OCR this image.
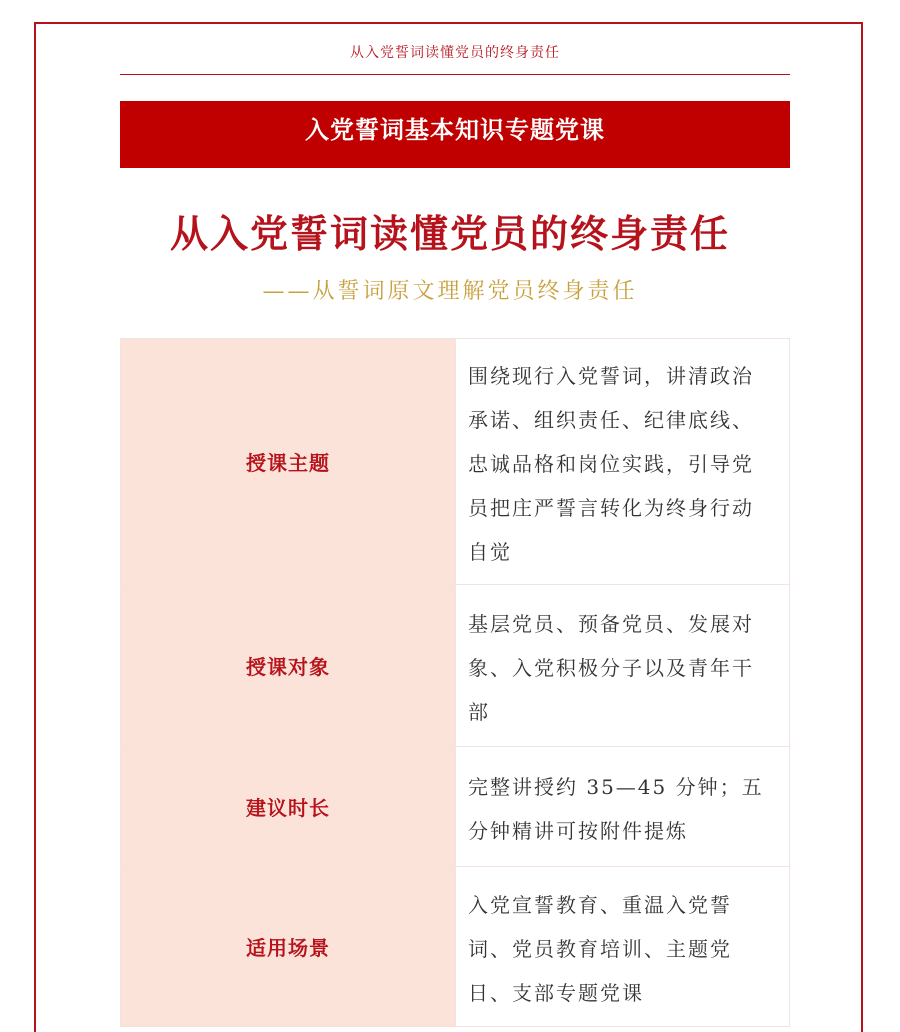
从入党誓词读懂党员的终身责任
入党誓词基本知识专题党课
从入党誓词读懂党员的终身责任
——从誓词原文理解党员终身责任
授课主题	围绕现行入党誓词，讲清政治承诺、组织责任、纪律底线、忠诚品格和岗位实践，引导党员把庄严誓言转化为终身行动自觉
授课对象	基层党员、预备党员、发展对象、入党积极分子以及青年干部
建议时长	完整讲授约 35—45 分钟；五分钟精讲可按附件提炼
适用场景	入党宣誓教育、重温入党誓词、党员教育培训、主题党日、支部专题党课
